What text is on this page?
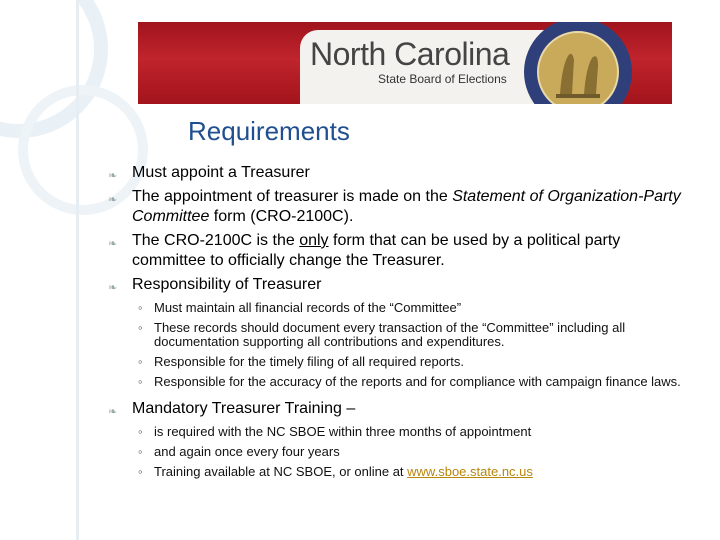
North Carolina
State Board of Elections
Requirements
❧ Must appoint a Treasurer
❧ The appointment of treasurer is made on the Statement of Organization-Party Committee form (CRO-2100C).
❧ The CRO-2100C is the only form that can be used by a political party committee to officially change the Treasurer.
❧ Responsibility of Treasurer
◦ Must maintain all financial records of the “Committee”
◦ These records should document every transaction of the “Committee” including all documentation supporting all contributions and expenditures.
◦ Responsible for the timely filing of all required reports.
◦ Responsible for the accuracy of the reports and for compliance with campaign finance laws.
❧ Mandatory Treasurer Training –
◦ is required with the NC SBOE within three months of appointment
◦ and again once every four years
◦ Training available at NC SBOE, or online at www.sboe.state.nc.us
